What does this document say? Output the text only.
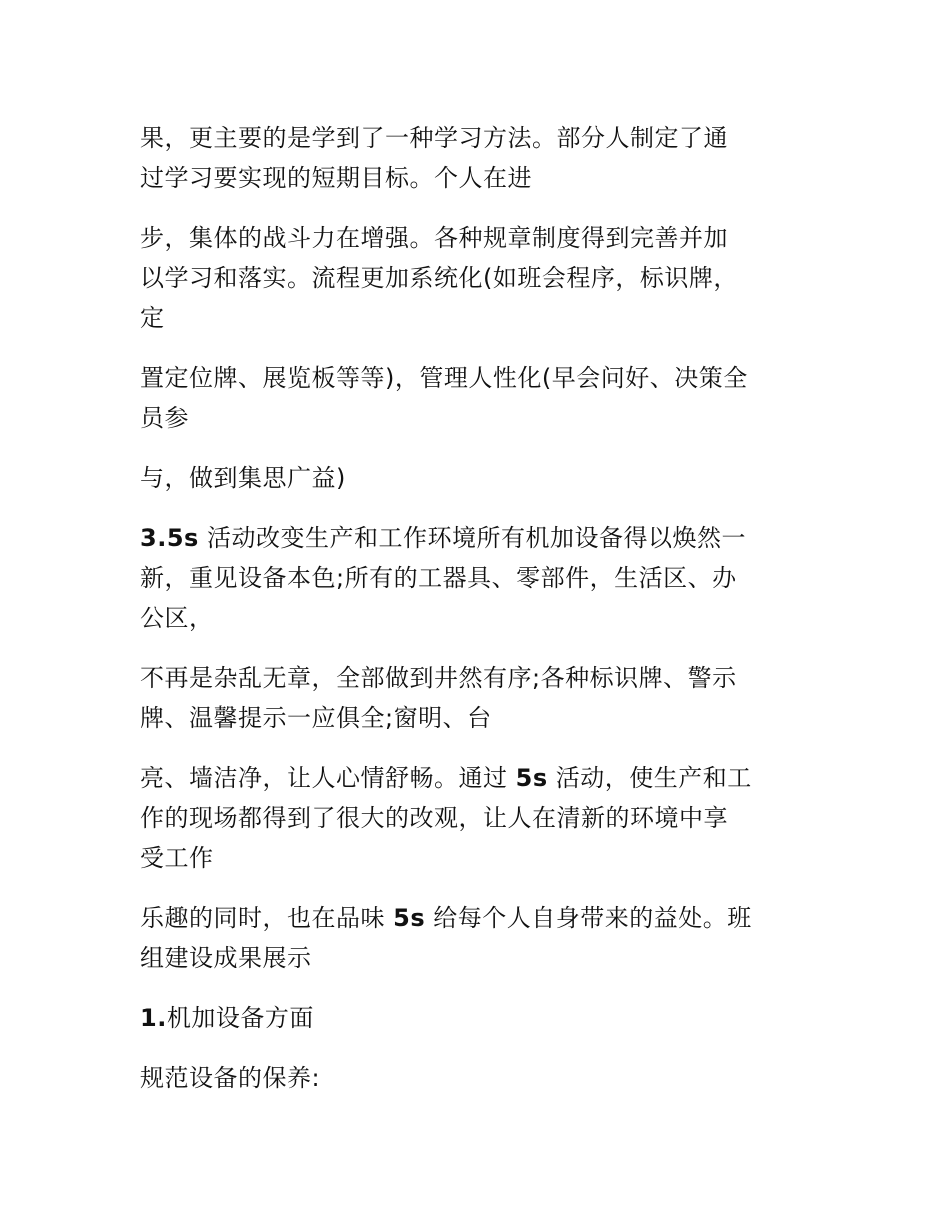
果，更主要的是学到了一种学习方法。部分人制定了通
过学习要实现的短期目标。个人在进

步，集体的战斗力在增强。各种规章制度得到完善并加
以学习和落实。流程更加系统化(如班会程序，标识牌，
定

置定位牌、展览板等等)，管理人性化(早会问好、决策全
员参

与，做到集思广益)

3.5s 活动改变生产和工作环境所有机加设备得以焕然一
新，重见设备本色;所有的工器具、零部件，生活区、办
公区，

不再是杂乱无章，全部做到井然有序;各种标识牌、警示
牌、温馨提示一应俱全;窗明、台

亮、墙洁净，让人心情舒畅。通过 5s 活动，使生产和工
作的现场都得到了很大的改观，让人在清新的环境中享
受工作

乐趣的同时，也在品味 5s 给每个人自身带来的益处。班
组建设成果展示

1.机加设备方面

规范设备的保养:
